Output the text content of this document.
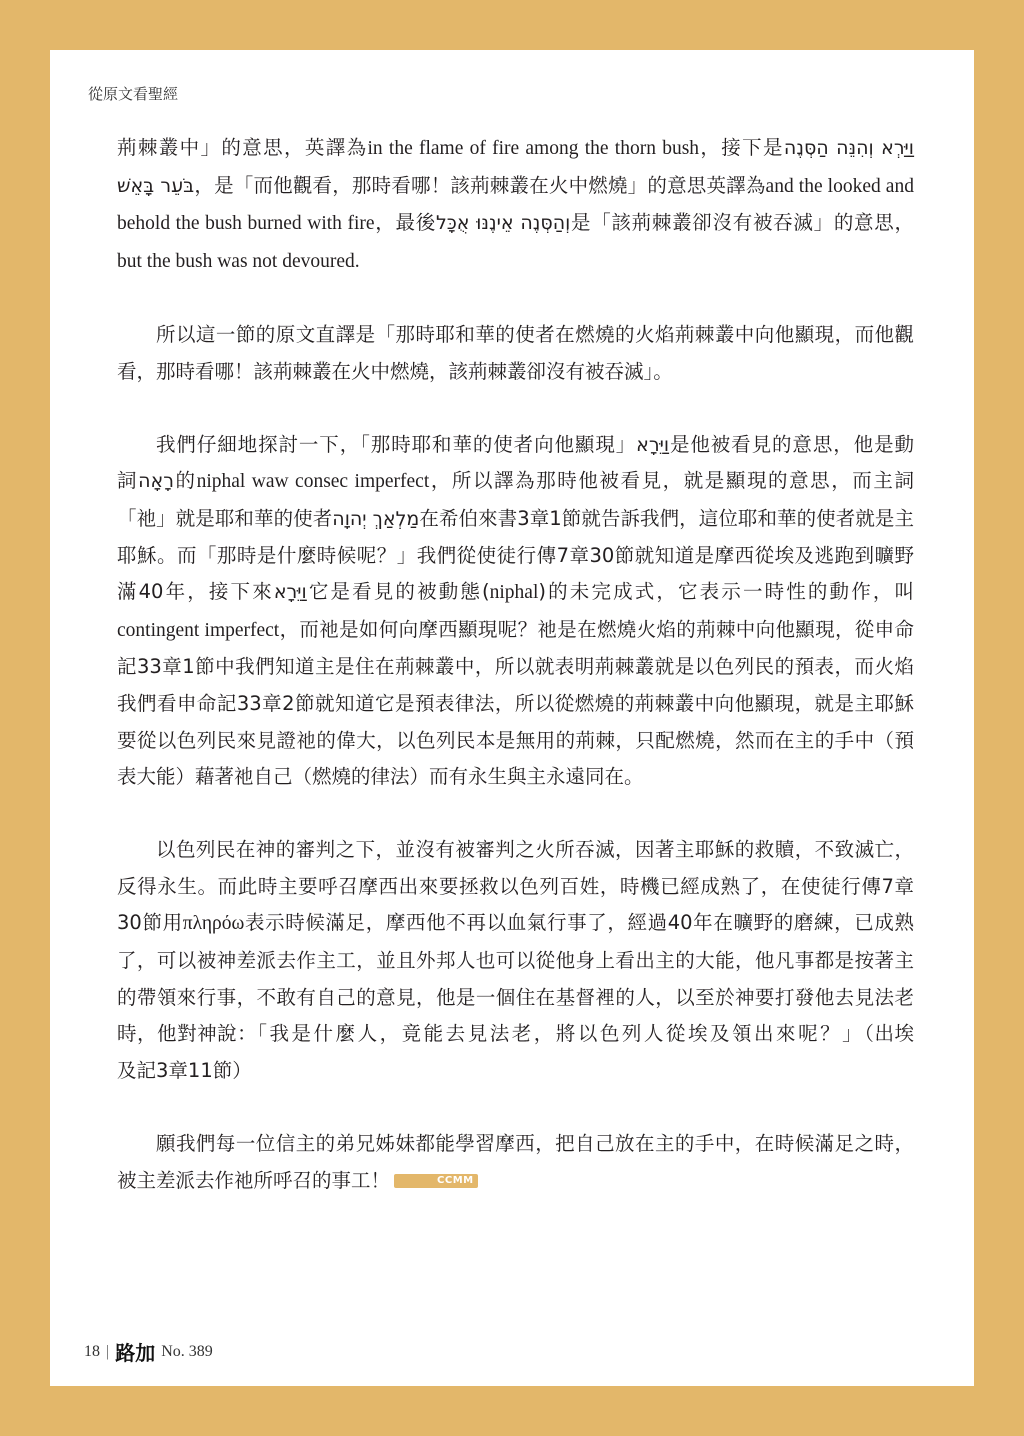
從原文看聖經

荊棘叢中」的意思，英譯為in the flame of fire among the thorn bush，接下是וַיַּרְא וְהִנֵּה הַסְּנֶה בֹּעֵר בָּאֵשׁ，是「而他觀看，那時看哪！該荊棘叢在火中燃燒」的意思英譯為and the looked and behold the bush burned with fire，最後וְהַסְּנֶה אֵינֶנּוּ אֻכָּל是「該荊棘叢卻沒有被吞滅」的意思，but the bush was not devoured.

所以這一節的原文直譯是「那時耶和華的使者在燃燒的火焰荊棘叢中向他顯現，而他觀看，那時看哪！該荊棘叢在火中燃燒，該荊棘叢卻沒有被吞滅」。

我們仔細地探討一下，「那時耶和華的使者向他顯現」וַיֵּרָא是他被看見的意思，他是動詞רָאָה的niphal waw consec imperfect，所以譯為那時他被看見，就是顯現的意思，而主詞「祂」就是耶和華的使者מַלְאַךְ יְהוָה在希伯來書3章1節就告訴我們，這位耶和華的使者就是主耶穌。而「那時是什麼時候呢？」我們從使徒行傳7章30節就知道是摩西從埃及逃跑到曠野滿40年，接下來וַיֵּרָא它是看見的被動態(niphal)的未完成式，它表示一時性的動作，叫contingent imperfect，而祂是如何向摩西顯現呢？祂是在燃燒火焰的荊棘中向他顯現，從申命記33章1節中我們知道主是住在荊棘叢中，所以就表明荊棘叢就是以色列民的預表，而火焰我們看申命記33章2節就知道它是預表律法，所以從燃燒的荊棘叢中向他顯現，就是主耶穌要從以色列民來見證祂的偉大，以色列民本是無用的荊棘，只配燃燒，然而在主的手中（預表大能）藉著祂自己（燃燒的律法）而有永生與主永遠同在。

以色列民在神的審判之下，並沒有被審判之火所吞滅，因著主耶穌的救贖，不致滅亡，反得永生。而此時主要呼召摩西出來要拯救以色列百姓，時機已經成熟了，在使徒行傳7章30節用πληρόω表示時候滿足，摩西他不再以血氣行事了，經過40年在曠野的磨練，已成熟了，可以被神差派去作主工，並且外邦人也可以從他身上看出主的大能，他凡事都是按著主的帶領來行事，不敢有自己的意見，他是一個住在基督裡的人，以至於神要打發他去見法老時，他對神說：「我是什麼人，竟能去見法老，將以色列人從埃及領出來呢？」（出埃及記3章11節）

願我們每一位信主的弟兄姊妹都能學習摩西，把自己放在主的手中，在時候滿足之時，被主差派去作祂所呼召的事工！	CCMM

18 | 路加 No. 389
